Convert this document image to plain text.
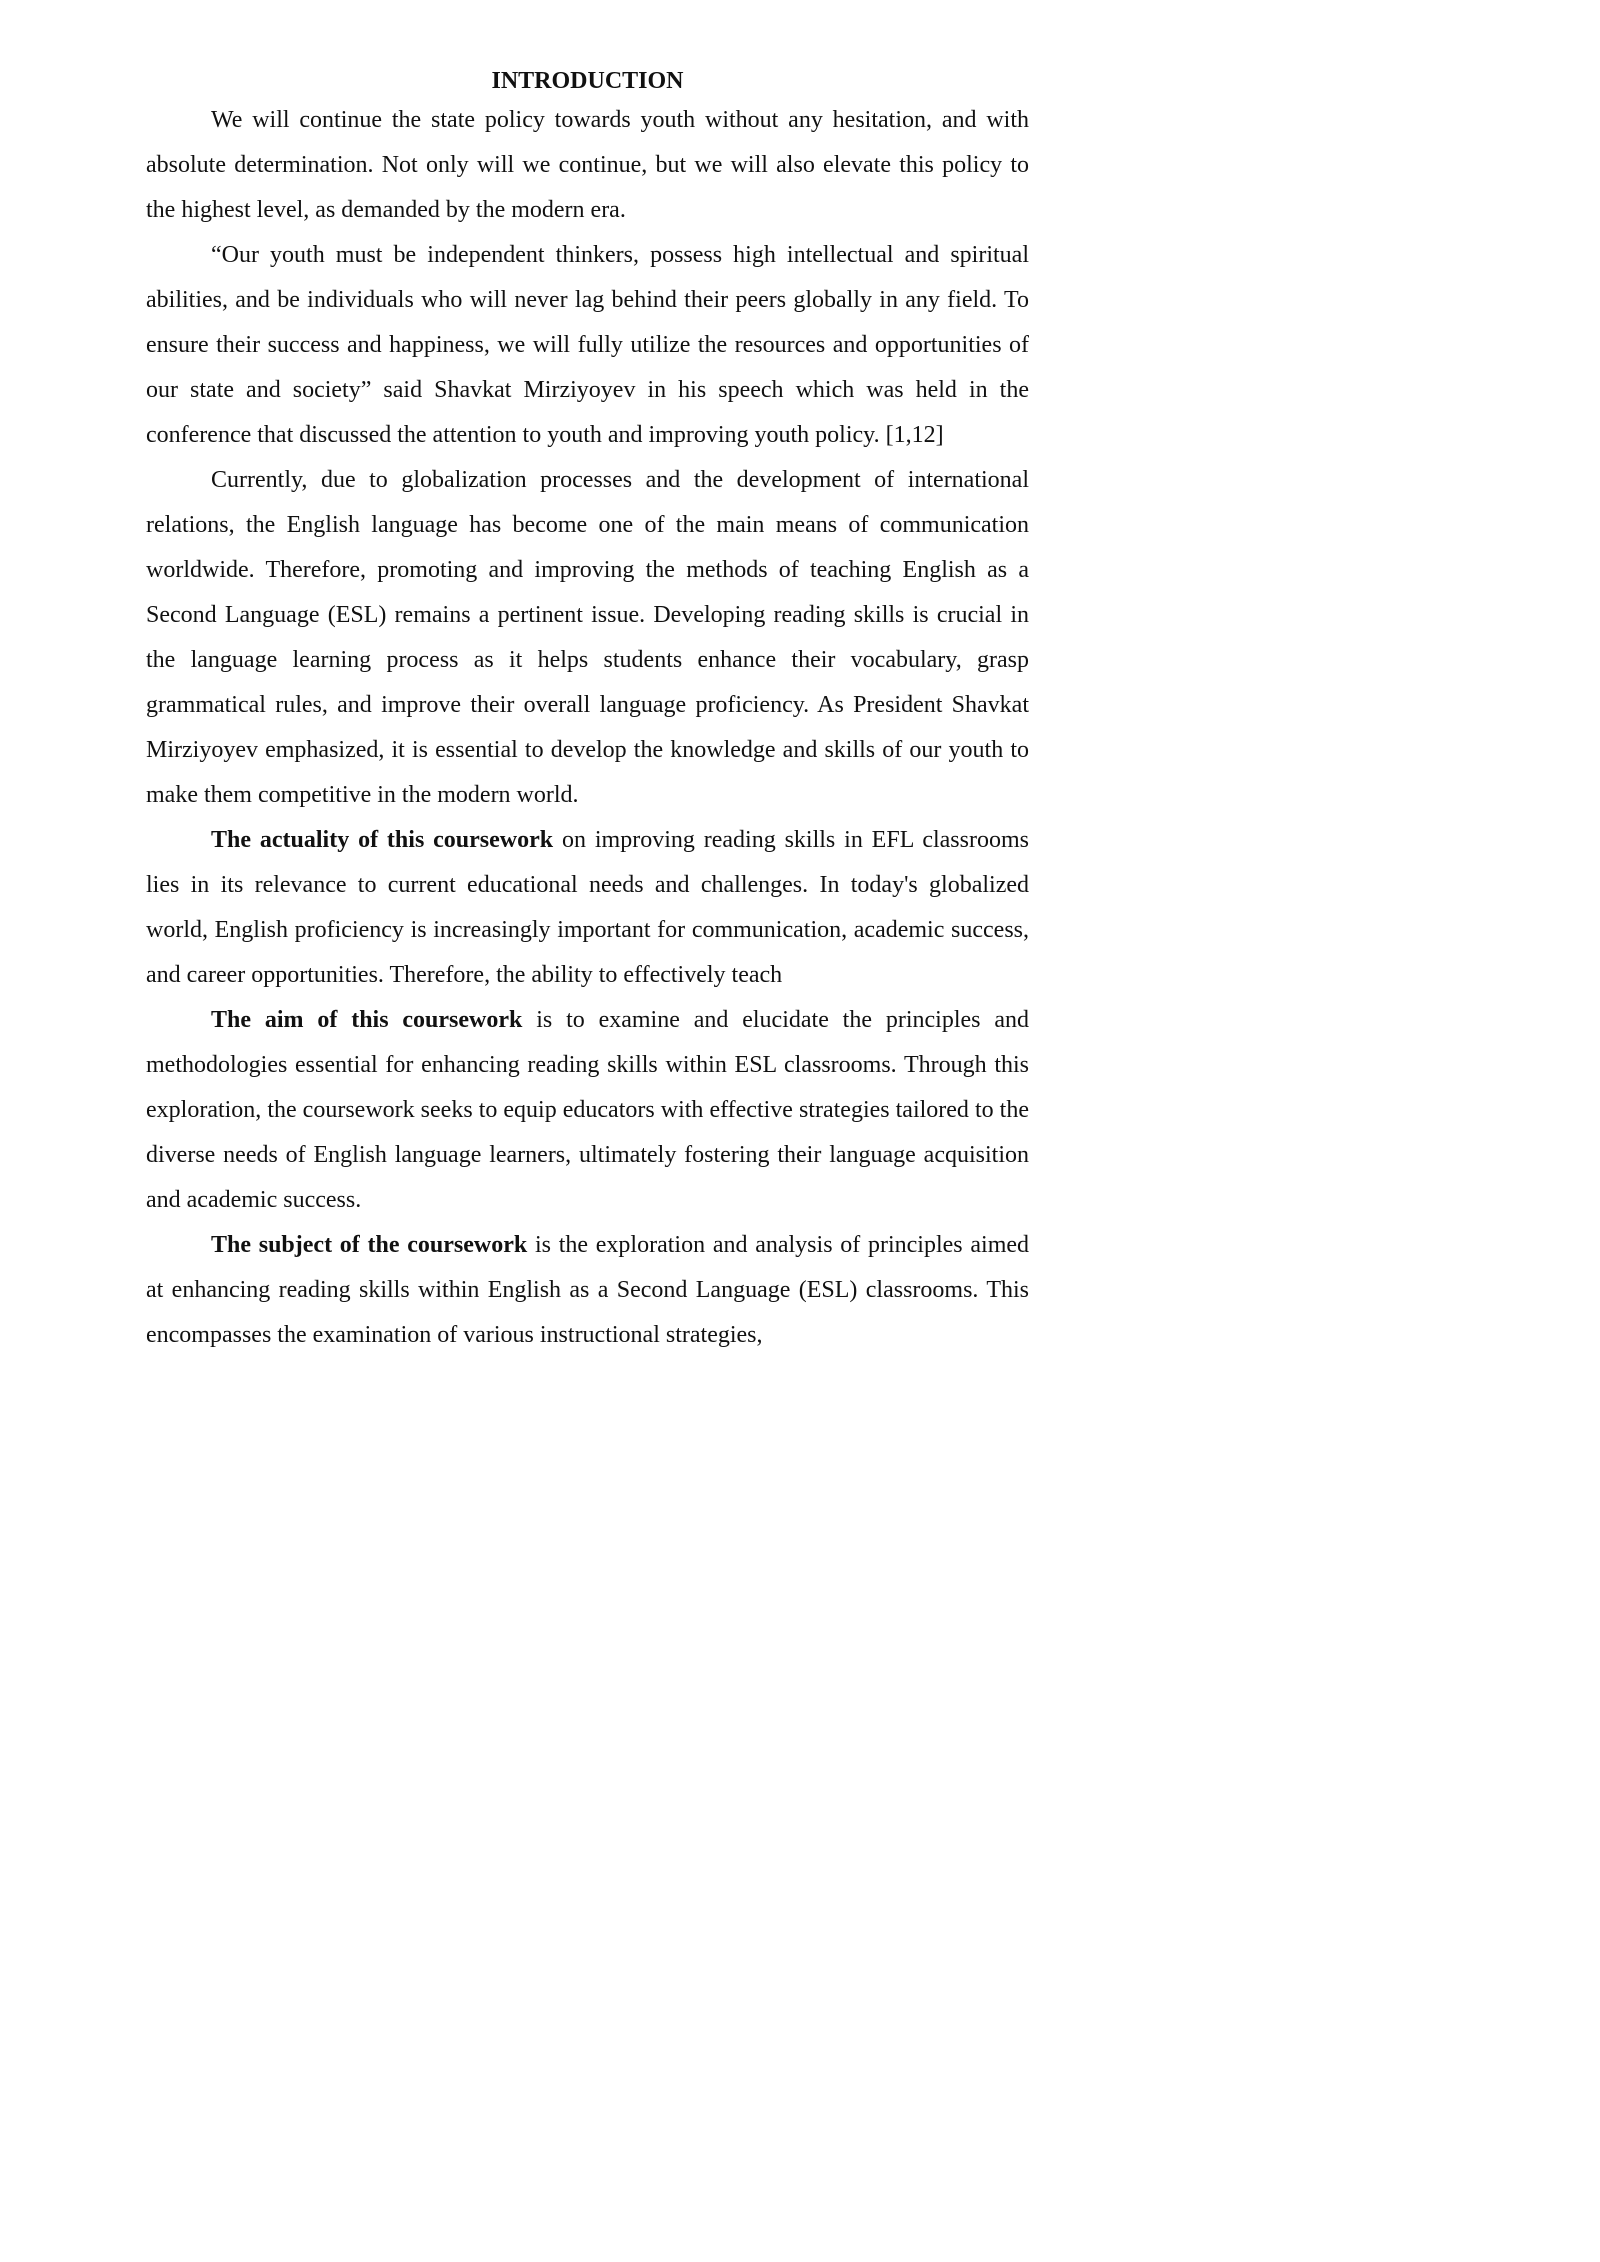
INTRODUCTION

We will continue the state policy towards youth without any hesitation, and with absolute determination. Not only will we continue, but we will also elevate this policy to the highest level, as demanded by the modern era.

“Our youth must be independent thinkers, possess high intellectual and spiritual abilities, and be individuals who will never lag behind their peers globally in any field. To ensure their success and happiness, we will fully utilize the resources and opportunities of our state and society” said Shavkat Mirziyoyev in his speech which was held in the conference that discussed the attention to youth and improving youth policy. [1,12]

Currently, due to globalization processes and the development of international relations, the English language has become one of the main means of communication worldwide. Therefore, promoting and improving the methods of teaching English as a Second Language (ESL) remains a pertinent issue. Developing reading skills is crucial in the language learning process as it helps students enhance their vocabulary, grasp grammatical rules, and improve their overall language proficiency. As President Shavkat Mirziyoyev emphasized, it is essential to develop the knowledge and skills of our youth to make them competitive in the modern world.

The actuality of this coursework on improving reading skills in EFL classrooms lies in its relevance to current educational needs and challenges. In today's globalized world, English proficiency is increasingly important for communication, academic success, and career opportunities. Therefore, the ability to effectively teach

The aim of this coursework is to examine and elucidate the principles and methodologies essential for enhancing reading skills within ESL classrooms. Through this exploration, the coursework seeks to equip educators with effective strategies tailored to the diverse needs of English language learners, ultimately fostering their language acquisition and academic success.

The subject of the coursework is the exploration and analysis of principles aimed at enhancing reading skills within English as a Second Language (ESL) classrooms. This encompasses the examination of various instructional strategies,
